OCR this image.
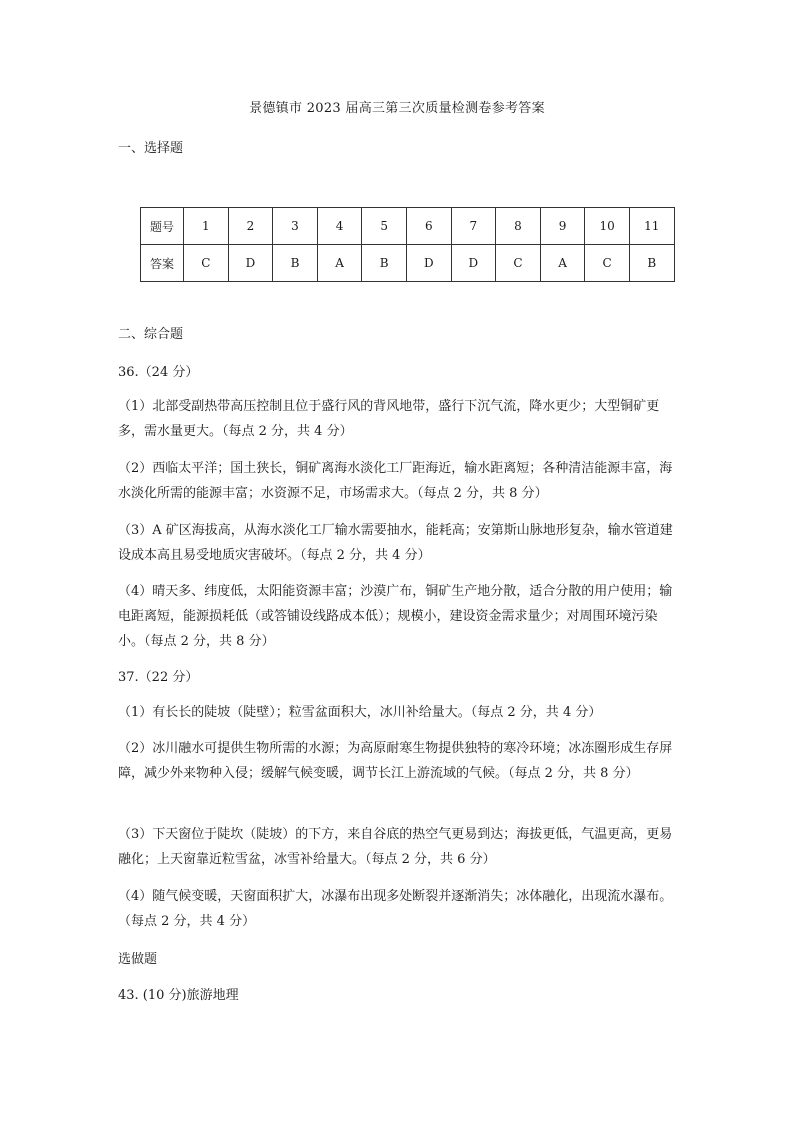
景德镇市 2023 届高三第三次质量检测卷参考答案
一、选择题
题号	1	2	3	4	5	6	7	8	9	10	11
答案	C	D	B	A	B	D	D	C	A	C	B
二、综合题
36.（24 分）
（1）北部受副热带高压控制且位于盛行风的背风地带，盛行下沉气流，降水更少；大型铜矿更多，需水量更大。（每点 2 分，共 4 分）
（2）西临太平洋；国土狭长，铜矿离海水淡化工厂距海近，输水距离短；各种清洁能源丰富，海水淡化所需的能源丰富；水资源不足，市场需求大。（每点 2 分，共 8 分）
（3）A 矿区海拔高，从海水淡化工厂输水需要抽水，能耗高；安第斯山脉地形复杂，输水管道建设成本高且易受地质灾害破坏。（每点 2 分，共 4 分）
（4）晴天多、纬度低，太阳能资源丰富；沙漠广布，铜矿生产地分散，适合分散的用户使用；输电距离短，能源损耗低（或答铺设线路成本低）；规模小，建设资金需求量少；对周围环境污染小。（每点 2 分，共 8 分）
37.（22 分）
（1）有长长的陡坡（陡壁）；粒雪盆面积大，冰川补给量大。（每点 2 分，共 4 分）
（2）冰川融水可提供生物所需的水源；为高原耐寒生物提供独特的寒冷环境；冰冻圈形成生存屏障，减少外来物种入侵；缓解气候变暖，调节长江上游流域的气候。（每点 2 分，共 8 分）
（3）下天窗位于陡坎（陡坡）的下方，来自谷底的热空气更易到达；海拔更低，气温更高，更易融化；上天窗靠近粒雪盆，冰雪补给量大。（每点 2 分，共 6 分）
（4）随气候变暖，天窗面积扩大，冰瀑布出现多处断裂并逐渐消失；冰体融化，出现流水瀑布。（每点 2 分，共 4 分）
选做题
43. (10 分)旅游地理
